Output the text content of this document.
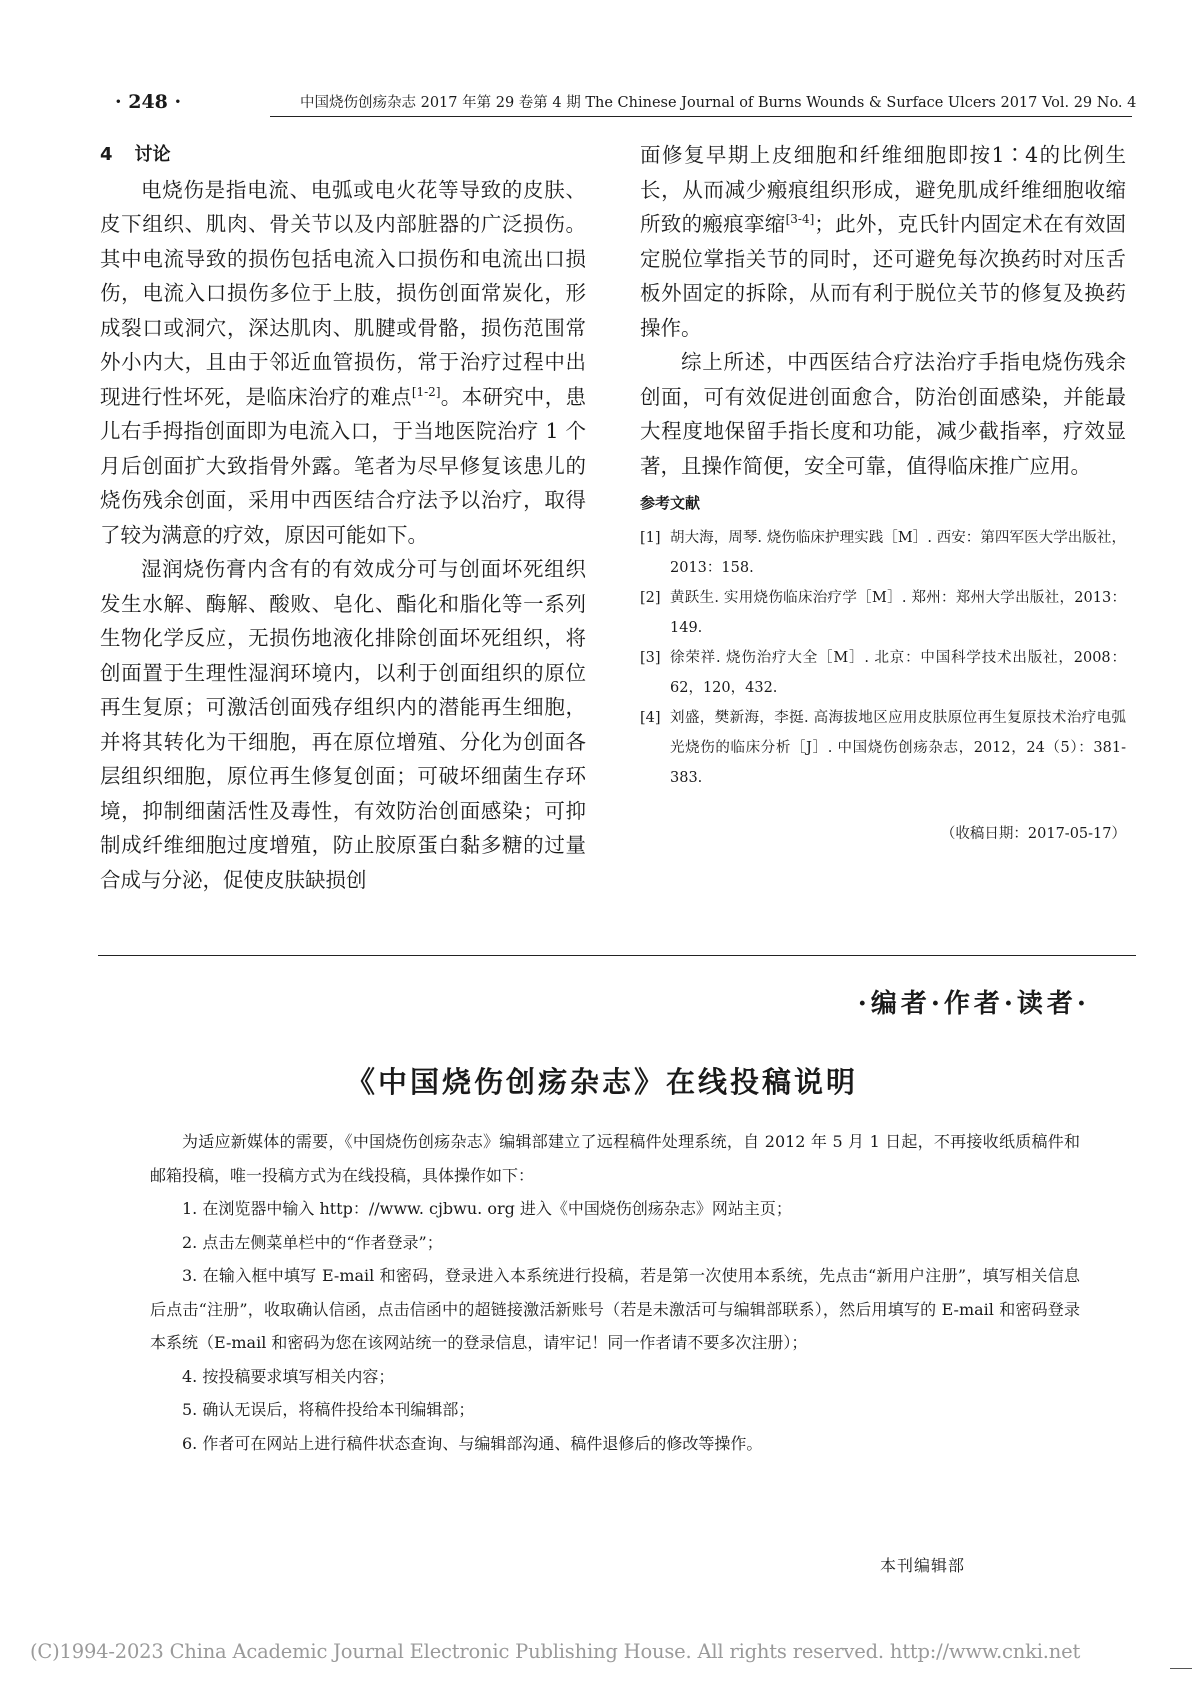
· 248 ·	中国烧伤创疡杂志 2017 年第 29 卷第 4 期 The Chinese Journal of Burns Wounds & Surface Ulcers 2017 Vol. 29 No. 4
4 讨论

电烧伤是指电流、电弧或电火花等导致的皮肤、皮下组织、肌肉、骨关节以及内部脏器的广泛损伤。其中电流导致的损伤包括电流入口损伤和电流出口损伤，电流入口损伤多位于上肢，损伤创面常炭化，形成裂口或洞穴，深达肌肉、肌腱或骨骼，损伤范围常外小内大，且由于邻近血管损伤，常于治疗过程中出现进行性坏死，是临床治疗的难点[1-2]。本研究中，患儿右手拇指创面即为电流入口，于当地医院治疗 1 个月后创面扩大致指骨外露。笔者为尽早修复该患儿的烧伤残余创面，采用中西医结合疗法予以治疗，取得了较为满意的疗效，原因可能如下。

湿润烧伤膏内含有的有效成分可与创面坏死组织发生水解、酶解、酸败、皂化、酯化和脂化等一系列生物化学反应，无损伤地液化排除创面坏死组织，将创面置于生理性湿润环境内，以利于创面组织的原位再生复原；可激活创面残存组织内的潜能再生细胞，并将其转化为干细胞，再在原位增殖、分化为创面各层组织细胞，原位再生修复创面；可破坏细菌生存环境，抑制细菌活性及毒性，有效防治创面感染；可抑制成纤维细胞过度增殖，防止胶原蛋白黏多糖的过量合成与分泌，促使皮肤缺损创

面修复早期上皮细胞和纤维细胞即按1∶4的比例生长，从而减少瘢痕组织形成，避免肌成纤维细胞收缩所致的瘢痕挛缩[3-4]；此外，克氏针内固定术在有效固定脱位掌指关节的同时，还可避免每次换药时对压舌板外固定的拆除，从而有利于脱位关节的修复及换药操作。

综上所述，中西医结合疗法治疗手指电烧伤残余创面，可有效促进创面愈合，防治创面感染，并能最大程度地保留手指长度和功能，减少截指率，疗效显著，且操作简便，安全可靠，值得临床推广应用。

参考文献
[1] 胡大海，周琴. 烧伤临床护理实践［M］. 西安：第四军医大学出版社，2013：158.
[2] 黄跃生. 实用烧伤临床治疗学［M］. 郑州：郑州大学出版社，2013：149.
[3] 徐荣祥. 烧伤治疗大全［M］. 北京：中国科学技术出版社，2008：62，120，432.
[4] 刘盛，樊新海，李挺. 高海拔地区应用皮肤原位再生复原技术治疗电弧光烧伤的临床分析［J］. 中国烧伤创疡杂志，2012，24（5）：381-383.
（收稿日期：2017-05-17）
·编者·作者·读者·
《中国烧伤创疡杂志》在线投稿说明

为适应新媒体的需要，《中国烧伤创疡杂志》编辑部建立了远程稿件处理系统，自 2012 年 5 月 1 日起，不再接收纸质稿件和邮箱投稿，唯一投稿方式为在线投稿，具体操作如下：

1. 在浏览器中输入 http：//www. cjbwu. org 进入《中国烧伤创疡杂志》网站主页；

2. 点击左侧菜单栏中的“作者登录”；

3. 在输入框中填写 E-mail 和密码，登录进入本系统进行投稿，若是第一次使用本系统，先点击“新用户注册”，填写相关信息后点击“注册”，收取确认信函，点击信函中的超链接激活新账号（若是未激活可与编辑部联系），然后用填写的 E-mail 和密码登录本系统（E-mail 和密码为您在该网站统一的登录信息，请牢记！同一作者请不要多次注册）；

4. 按投稿要求填写相关内容；

5. 确认无误后，将稿件投给本刊编辑部；

6. 作者可在网站上进行稿件状态查询、与编辑部沟通、稿件退修后的修改等操作。

本刊编辑部
(C)1994-2023 China Academic Journal Electronic Publishing House. All rights reserved. http://www.cnki.net
